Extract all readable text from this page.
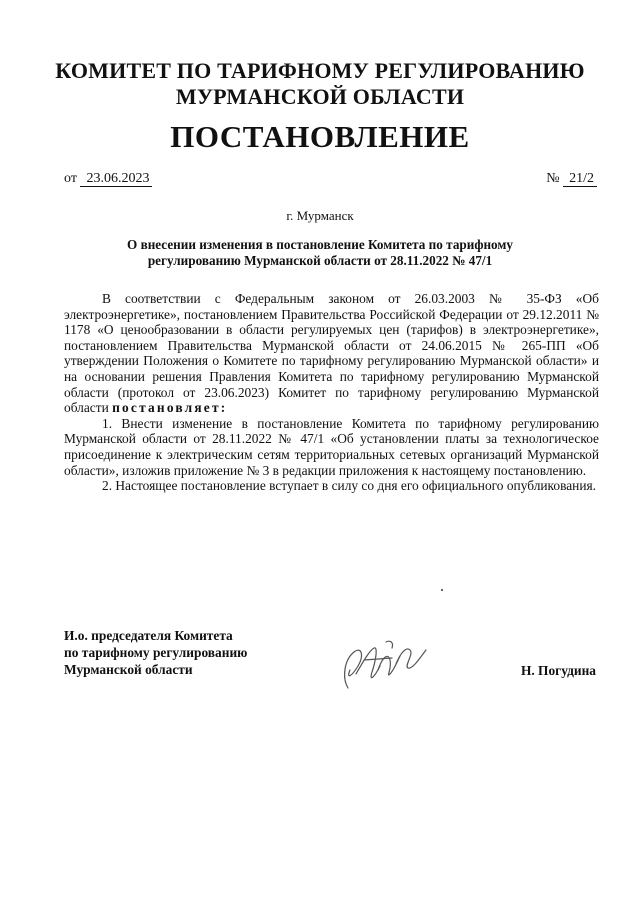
КОМИТЕТ ПО ТАРИФНОМУ РЕГУЛИРОВАНИЮ
МУРМАНСКОЙ ОБЛАСТИ
ПОСТАНОВЛЕНИЕ
от 23.06.2023	№ 21/2
г. Мурманск
О внесении изменения в постановление Комитета по тарифному
регулированию Мурманской области от 28.11.2022 № 47/1

В соответствии с Федеральным законом от 26.03.2003 № 35-ФЗ «Об электроэнергетике», постановлением Правительства Российской Федерации от 29.12.2011 № 1178 «О ценообразовании в области регулируемых цен (тарифов) в электроэнергетике», постановлением Правительства Мурманской области от 24.06.2015 № 265-ПП «Об утверждении Положения о Комитете по тарифному регулированию Мурманской области» и на основании решения Правления Комитета по тарифному регулированию Мурманской области (протокол от 23.06.2023) Комитет по тарифному регулированию Мурманской области постановляет:

1. Внести изменение в постановление Комитета по тарифному регулированию Мурманской области от 28.11.2022 № 47/1 «Об установлении платы за технологическое присоединение к электрическим сетям территориальных сетевых организаций Мурманской области», изложив приложение № 3 в редакции приложения к настоящему постановлению.

2. Настоящее постановление вступает в силу со дня его официального опубликования.

И.о. председателя Комитета
по тарифному регулированию
Мурманской области	Н. Погудина
